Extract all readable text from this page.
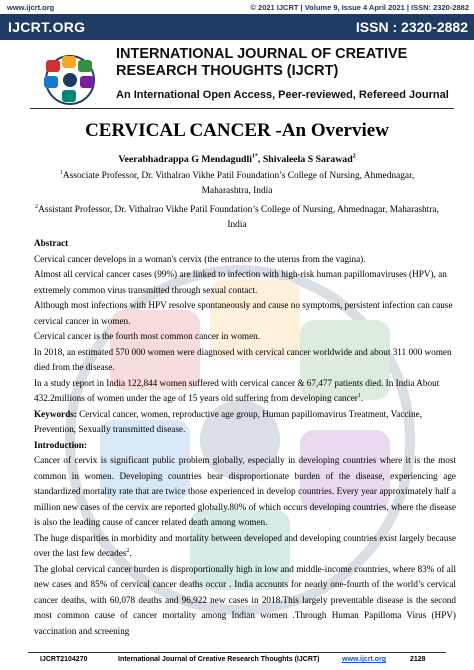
www.ijcrt.org	© 2021 IJCRT | Volume 9, Issue 4 April 2021 | ISSN: 2320-2882
IJCRT.ORG	ISSN : 2320-2882
INTERNATIONAL JOURNAL OF CREATIVE
RESEARCH THOUGHTS (IJCRT)
An International Open Access, Peer-reviewed, Refereed Journal
CERVICAL CANCER -An Overview
Veerabhadrappa G Mendagudli$^{1*}$, Shivaleela S Sarawad$^2$
$^1$Associate Professor, Dr. Vithalrao Vikhe Patil Foundation’s College of Nursing, Ahmednagar,
Maharashtra, India
$^2$Assistant Professor, Dr. Vithalrao Vikhe Patil Foundation’s College of Nursing, Ahmednagar, Maharashtra,
India

Abstract

Cervical cancer develops in a woman's cervix (the entrance to the uterus from the vagina).

Almost all cervical cancer cases (99%) are linked to infection with high-risk human papillomaviruses (HPV), an extremely common virus transmitted through sexual contact.

Although most infections with HPV resolve spontaneously and cause no symptoms, persistent infection can cause cervical cancer in women.

Cervical cancer is the fourth most common cancer in women.

In 2018, an estimated 570 000 women were diagnosed with cervical cancer worldwide and about 311 000 women died from the disease.

In a study report in India 122,844 women suffered with cervical cancer & 67,477 patients died. In India About 432.2millions of women under the age of 15 years old suffering from developing cancer$^1$.

Keywords: Cervical cancer, women, reproductive age group, Human papillomavirus Treatment, Vaccine, Prevention, Sexually transmitted disease.

Introduction:

Cancer of cervix is significant public problem globally, especially in developing countries where it is the most common in women. Developing countries bear disproportionate burden of the disease, experiencing age standardized mortality rate that are twice those experienced in develop countries. Every year approximately half a million new cases of the cervix are reported globally.80% of which occurs developing countries, where the disease is also the leading cause of cancer related death among women.

The huge disparities in morbidity and mortality between developed and developing countries exist largely because over the last few decades$^2$.

The global cervical cancer burden is disproportionally high in low and middle-income countries, where 83% of all new cases and 85% of cervical cancer deaths occur . India accounts for nearly one-fourth of the world’s cervical cancer deaths, with 60,078 deaths and 96,922 new cases in 2018.This largely preventable disease is the second most common cause of cancer mortality among Indian women .Through Human Papilloma Virus (HPV) vaccination and screening

IJCRT2104270	International Journal of Creative Research Thoughts (IJCRT)	www.ijcrt.org	2128
